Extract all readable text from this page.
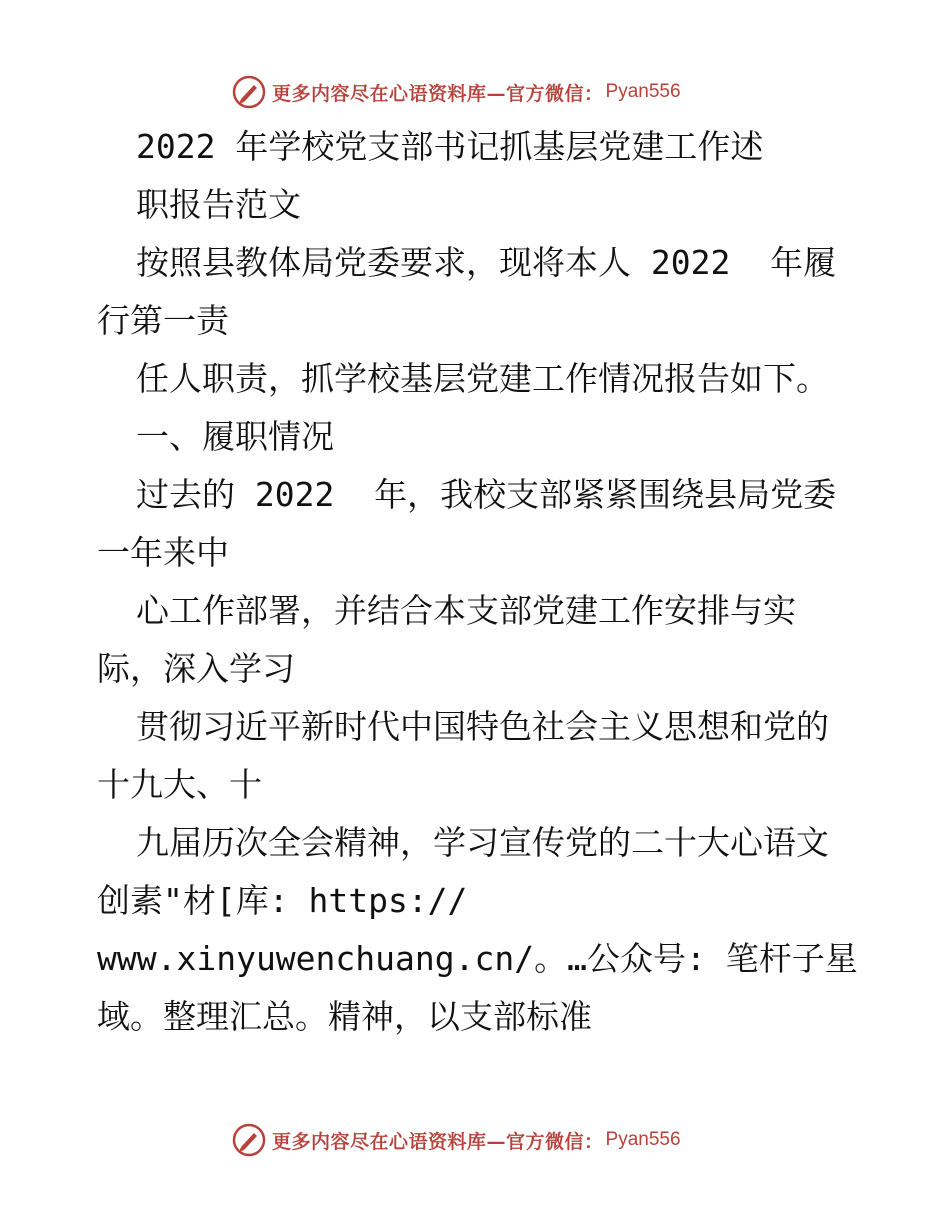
更多内容尽在心语资料库—官方微信： Pyan556
2022 年学校党支部书记抓基层党建工作述
职报告范文
按照县教体局党委要求，现将本人 2022  年履
行第一责
任人职责，抓学校基层党建工作情况报告如下。
一、履职情况
过去的 2022  年，我校支部紧紧围绕县局党委
一年来中
心工作部署，并结合本支部党建工作安排与实
际，深入学习
贯彻习近平新时代中国特色社会主义思想和党的
十九大、十
九届历次全会精神，学习宣传党的二十大心语文
创素"材[库: https://
www.xinyuwenchuang.cn/。…公众号: 笔杆子星
域。整理汇总。精神，以支部标准
更多内容尽在心语资料库—官方微信： Pyan556
